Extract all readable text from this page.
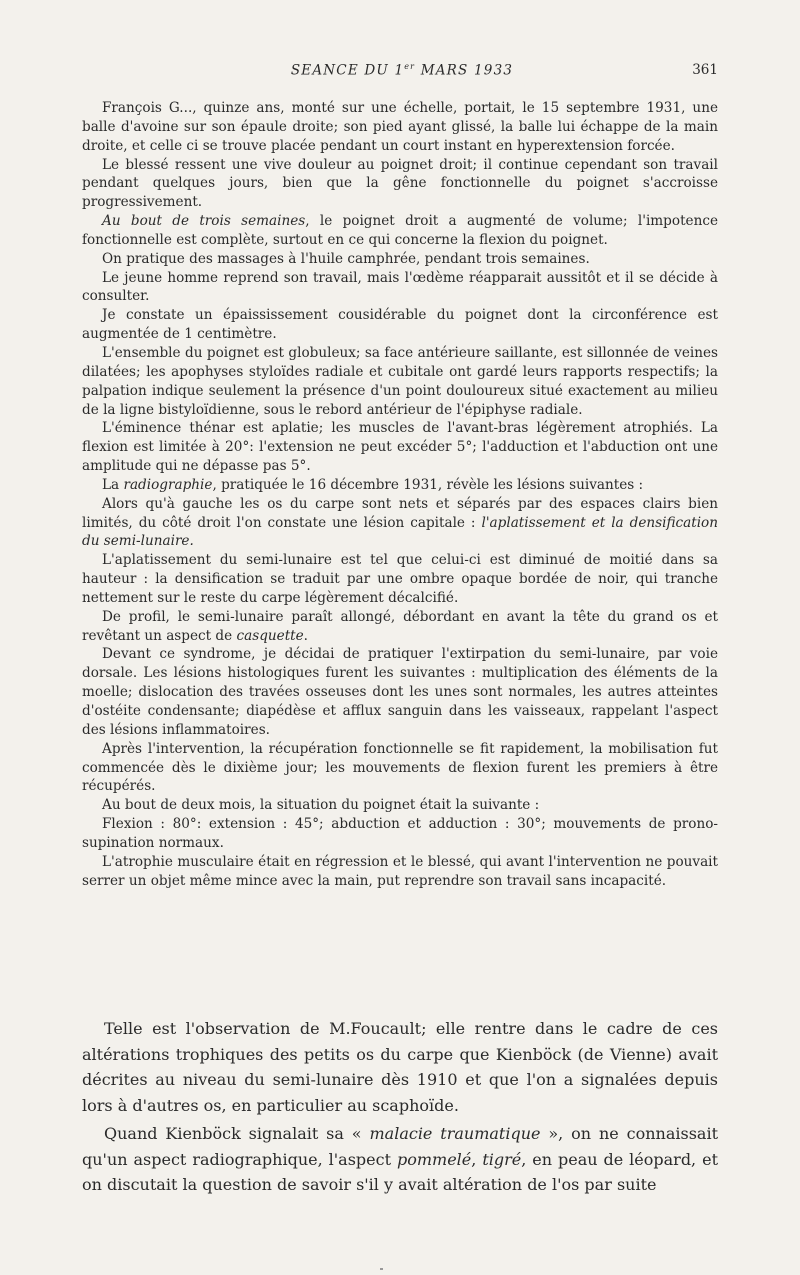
SEANCE DU 1er MARS 1933	361

François G..., quinze ans, monté sur une échelle, portait, le 15 septembre 1931, une balle d'avoine sur son épaule droite; son pied ayant glissé, la balle lui échappe de la main droite, et celle ci se trouve placée pendant un court instant en hyperextension forcée.

Le blessé ressent une vive douleur au poignet droit; il continue cependant son travail pendant quelques jours, bien que la gêne fonctionnelle du poignet s'accroisse progressivement.

Au bout de trois semaines, le poignet droit a augmenté de volume; l'impotence fonctionnelle est complète, surtout en ce qui concerne la flexion du poignet.

On pratique des massages à l'huile camphrée, pendant trois semaines.

Le jeune homme reprend son travail, mais l'œdème réapparait aussitôt et il se décide à consulter.

Je constate un épaississement cousidérable du poignet dont la circonférence est augmentée de 1 centimètre.

L'ensemble du poignet est globuleux; sa face antérieure saillante, est sillonnée de veines dilatées; les apophyses styloïdes radiale et cubitale ont gardé leurs rapports respectifs; la palpation indique seulement la présence d'un point douloureux situé exactement au milieu de la ligne bistyloïdienne, sous le rebord antérieur de l'épiphyse radiale.

L'éminence thénar est aplatie; les muscles de l'avant-bras légèrement atrophiés. La flexion est limitée à 20°: l'extension ne peut excéder 5°; l'adduction et l'abduction ont une amplitude qui ne dépasse pas 5°.

La radiographie, pratiquée le 16 décembre 1931, révèle les lésions suivantes :

Alors qu'à gauche les os du carpe sont nets et séparés par des espaces clairs bien limités, du côté droit l'on constate une lésion capitale : l'aplatissement et la densification du semi-lunaire.

L'aplatissement du semi-lunaire est tel que celui-ci est diminué de moitié dans sa hauteur : la densification se traduit par une ombre opaque bordée de noir, qui tranche nettement sur le reste du carpe légèrement décalcifié.

De profil, le semi-lunaire paraît allongé, débordant en avant la tête du grand os et revêtant un aspect de casquette.

Devant ce syndrome, je décidai de pratiquer l'extirpation du semi-lunaire, par voie dorsale. Les lésions histologiques furent les suivantes : multiplication des éléments de la moelle; dislocation des travées osseuses dont les unes sont normales, les autres atteintes d'ostéite condensante; diapédèse et afflux sanguin dans les vaisseaux, rappelant l'aspect des lésions inflammatoires.

Après l'intervention, la récupération fonctionnelle se fit rapidement, la mobilisation fut commencée dès le dixième jour; les mouvements de flexion furent les premiers à être récupérés.

Au bout de deux mois, la situation du poignet était la suivante :

Flexion : 80°: extension : 45°; abduction et adduction : 30°; mouvements de prono-supination normaux.

L'atrophie musculaire était en régression et le blessé, qui avant l'intervention ne pouvait serrer un objet même mince avec la main, put reprendre son travail sans incapacité.

Telle est l'observation de M.Foucault; elle rentre dans le cadre de ces altérations trophiques des petits os du carpe que Kienböck (de Vienne) avait décrites au niveau du semi-lunaire dès 1910 et que l'on a signalées depuis lors à d'autres os, en particulier au scaphoïde.

Quand Kienböck signalait sa « malacie traumatique », on ne connaissait qu'un aspect radiographique, l'aspect pommelé, tigré, en peau de léopard, et on discutait la question de savoir s'il y avait altération de l'os par suite
